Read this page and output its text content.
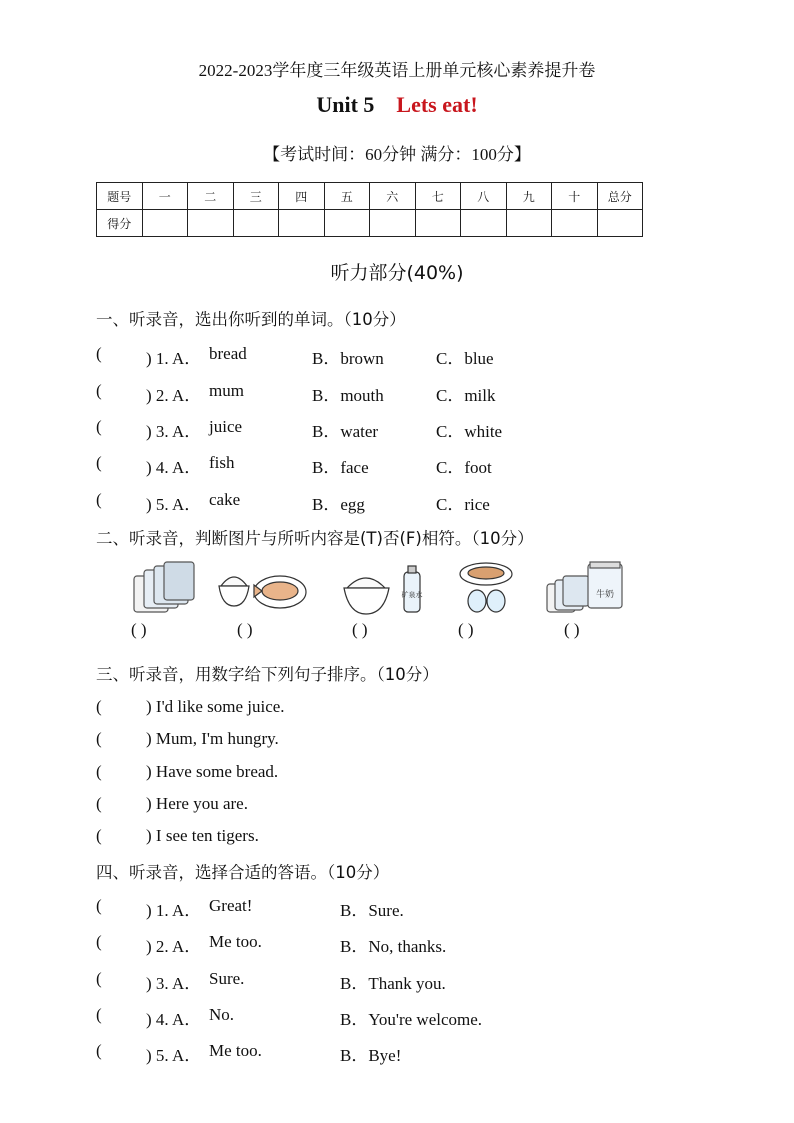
2022-2023学年度三年级英语上册单元核心素养提升卷
Unit 5 Lets eat!
【考试时间：60分钟 满分：100分】
题号	一	二	三	四	五	六	七	八	九	十	总分
得分											
听力部分(40%)
一、听录音，选出你听到的单词。（10分）
(	) 1. A． bread	B．brown	C．blue
(	) 2. A． mum	B．mouth	C．milk
(	) 3. A． juice	B．water	C．white
(	) 4. A． fish	B．face	C．foot
(	) 5. A． cake	B．egg	C．rice
二、听录音，判断图片与所听内容是(T)否(F)相符。（10分）
矿泉水	牛奶
( )	( )	( )	( )	( )
三、听录音，用数字给下列句子排序。（10分）
(	) I'd like some juice.
(	) Mum, I'm hungry.
(	) Have some bread.
(	) Here you are.
(	) I see ten tigers.
四、听录音，选择合适的答语。（10分）
(	) 1. A． Great!	B．Sure.
(	) 2. A． Me too.	B．No, thanks.
(	) 3. A． Sure.	B．Thank you.
(	) 4. A． No.	B．You're welcome.
(	) 5. A． Me too.	B．Bye!
